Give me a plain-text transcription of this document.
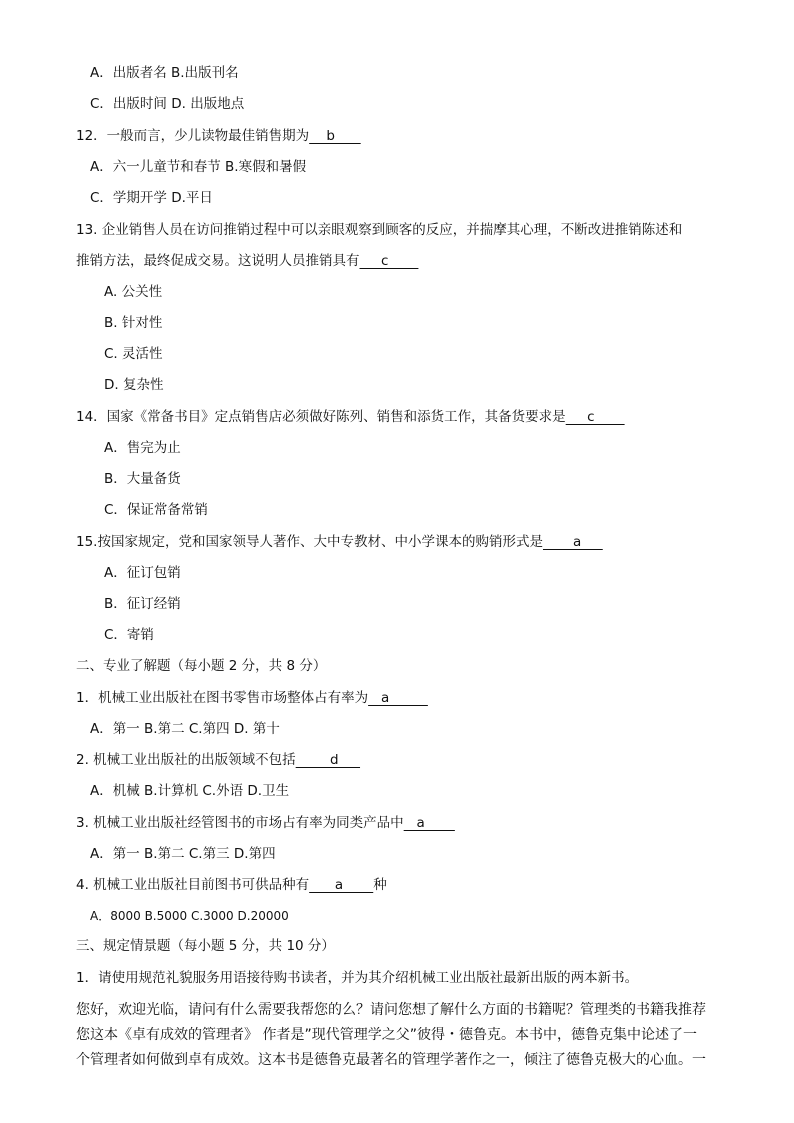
A．出版者名 B.出版刊名
C．出版时间 D. 出版地点
12．一般而言，少儿读物最佳销售期为    b
A．六一儿童节和春节 B.寒假和暑假
C．学期开学 D.平日
13. 企业销售人员在访问推销过程中可以亲眼观察到顾客的反应，并揣摩其心理，不断改进推销陈述和
推销方法，最终促成交易。这说明人员推销具有     c
A. 公关性
B. 针对性
C. 灵活性
D. 复杂性
14．国家《常备书目》定点销售店必须做好陈列、销售和添货工作，其备货要求是     c
A．售完为止
B．大量备货
C．保证常备常销
15.按国家规定，党和国家领导人著作、大中专教材、中小学课本的购销形式是       a
A．征订包销
B．征订经销
C．寄销
二、专业了解题（每小题 2 分，共 8 分）
1．机械工业出版社在图书零售市场整体占有率为   a
A．第一 B.第二 C.第四 D. 第十
2. 机械工业出版社的出版领域不包括        d
A．机械 B.计算机 C.外语 D.卫生
3. 机械工业出版社经管图书的市场占有率为同类产品中   a
A．第一 B.第二 C.第三 D.第四
4. 机械工业出版社目前图书可供品种有      a       种
A．8000 B.5000 C.3000 D.20000
三、规定情景题（每小题 5 分，共 10 分）
1．请使用规范礼貌服务用语接待购书读者，并为其介绍机械工业出版社最新出版的两本新书。
您好，欢迎光临，请问有什么需要我帮您的么？请问您想了解什么方面的书籍呢？管理类的书籍我推荐
您这本《卓有成效的管理者》 作者是”现代管理学之父”彼得・德鲁克。本书中，德鲁克集中论述了一
个管理者如何做到卓有成效。这本书是德鲁克最著名的管理学著作之一，倾注了德鲁克极大的心血。一
